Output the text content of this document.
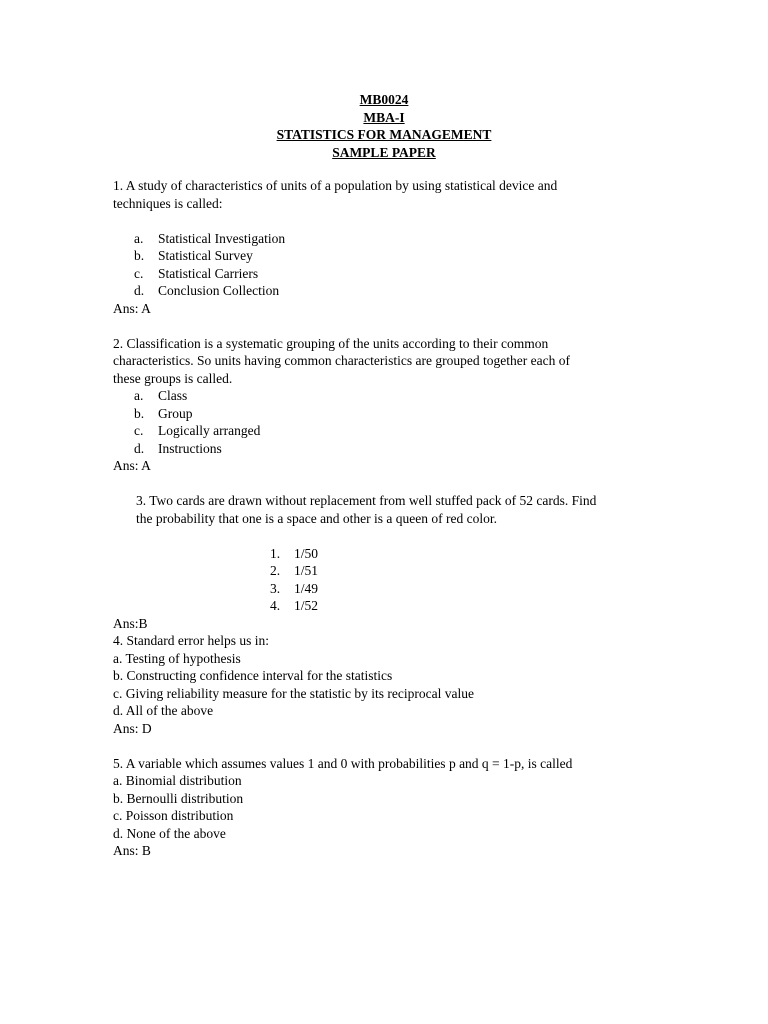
MB0024
MBA-I
STATISTICS FOR MANAGEMENT
SAMPLE PAPER
1. A study of characteristics of units of a population by using statistical device and
techniques is called:
a. Statistical Investigation
b. Statistical Survey
c. Statistical Carriers
d. Conclusion Collection
Ans: A
2. Classification is a systematic grouping of the units according to their common
characteristics. So units having common characteristics are grouped together each of
these groups is called.
a. Class
b. Group
c. Logically arranged
d. Instructions
Ans: A
3. Two cards are drawn without replacement from well stuffed pack of 52 cards. Find
the probability that one is a space and other is a queen of red color.
1. 1/50
2. 1/51
3. 1/49
4. 1/52
Ans:B
4. Standard error helps us in:
a. Testing of hypothesis
b. Constructing confidence interval for the statistics
c. Giving reliability measure for the statistic by its reciprocal value
d. All of the above
Ans: D
5. A variable which assumes values 1 and 0 with probabilities p and q = 1-p, is called
a. Binomial distribution
b. Bernoulli distribution
c. Poisson distribution
d. None of the above
Ans: B
